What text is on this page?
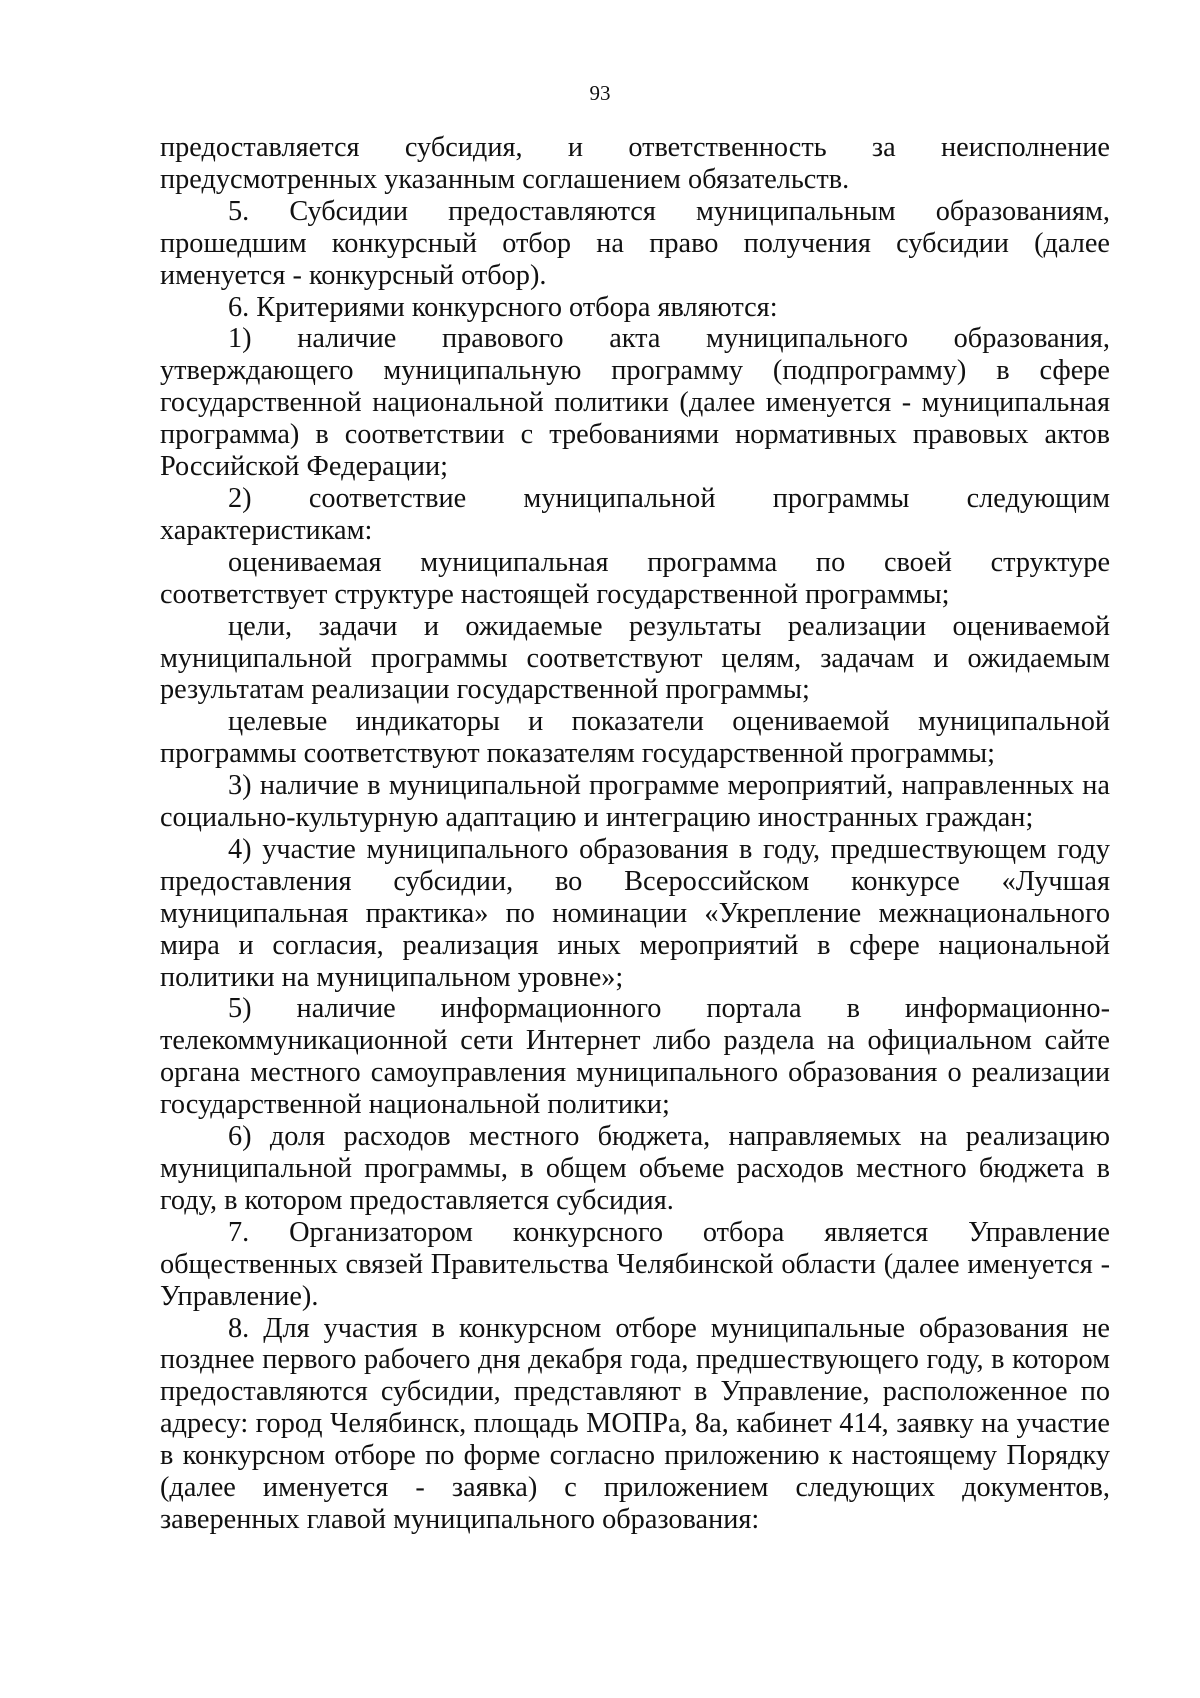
93

предоставляется субсидия, и ответственность за неисполнение предусмотренных указанным соглашением обязательств.

5. Субсидии предоставляются муниципальным образованиям, прошедшим конкурсный отбор на право получения субсидии (далее именуется - конкурсный отбор).

6. Критериями конкурсного отбора являются:

1) наличие правового акта муниципального образования, утверждающего муниципальную программу (подпрограмму) в сфере государственной национальной политики (далее именуется - муниципальная программа) в соответствии с требованиями нормативных правовых актов Российской Федерации;

2) соответствие муниципальной программы следующим характеристикам:

оцениваемая муниципальная программа по своей структуре соответствует структуре настоящей государственной программы;

цели, задачи и ожидаемые результаты реализации оцениваемой муниципальной программы соответствуют целям, задачам и ожидаемым результатам реализации государственной программы;

целевые индикаторы и показатели оцениваемой муниципальной программы соответствуют показателям государственной программы;

3) наличие в муниципальной программе мероприятий, направленных на социально-культурную адаптацию и интеграцию иностранных граждан;

4) участие муниципального образования в году, предшествующем году предоставления субсидии, во Всероссийском конкурсе «Лучшая муниципальная практика» по номинации «Укрепление межнационального мира и согласия, реализация иных мероприятий в сфере национальной политики на муниципальном уровне»;

5) наличие информационного портала в информационно-телекоммуникационной сети Интернет либо раздела на официальном сайте органа местного самоуправления муниципального образования о реализации государственной национальной политики;

6) доля расходов местного бюджета, направляемых на реализацию муниципальной программы, в общем объеме расходов местного бюджета в году, в котором предоставляется субсидия.

7. Организатором конкурсного отбора является Управление общественных связей Правительства Челябинской области (далее именуется - Управление).

8. Для участия в конкурсном отборе муниципальные образования не позднее первого рабочего дня декабря года, предшествующего году, в котором предоставляются субсидии, представляют в Управление, расположенное по адресу: город Челябинск, площадь МОПРа, 8а, кабинет 414, заявку на участие в конкурсном отборе по форме согласно приложению к настоящему Порядку (далее именуется - заявка) с приложением следующих документов, заверенных главой муниципального образования:
